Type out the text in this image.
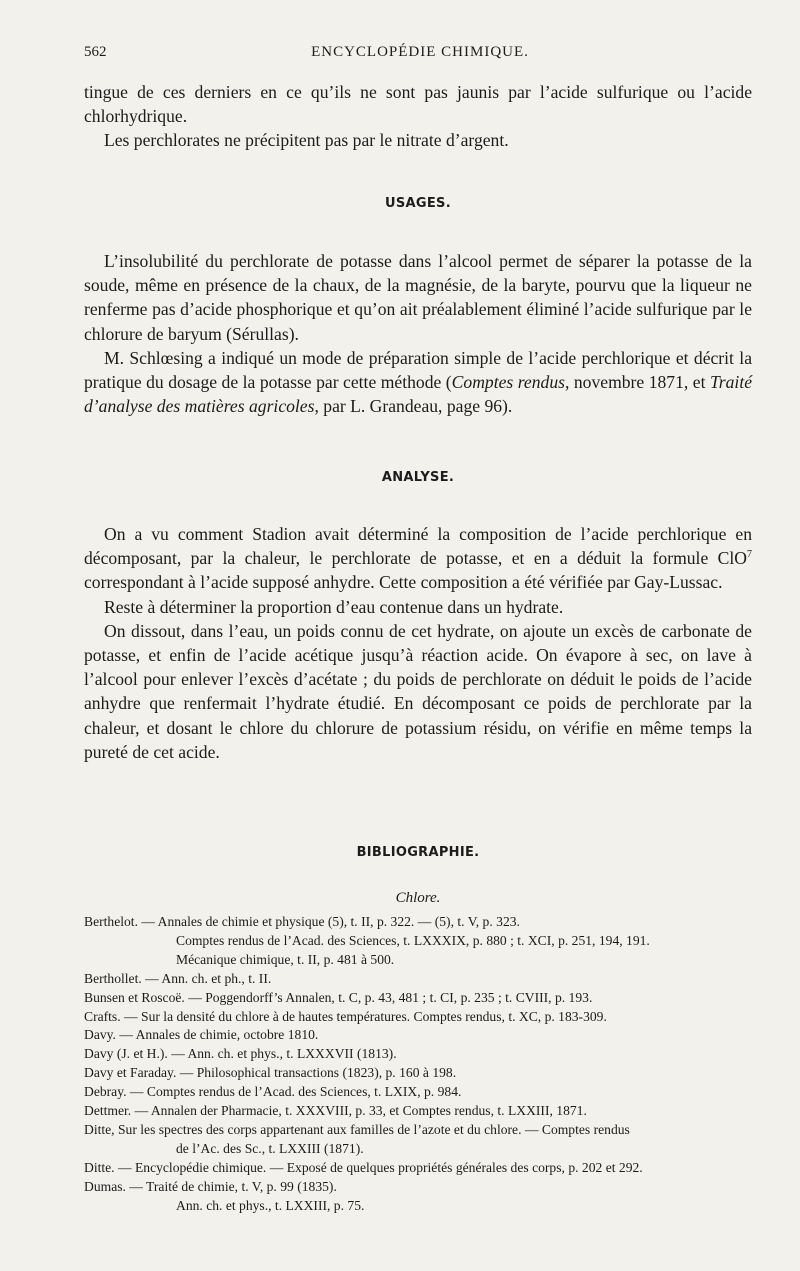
562	ENCYCLOPÉDIE CHIMIQUE.

tingue de ces derniers en ce qu’ils ne sont pas jaunis par l’acide sulfurique ou l’acide chlorhydrique.

Les perchlorates ne précipitent pas par le nitrate d’argent.

USAGES.

L’insolubilité du perchlorate de potasse dans l’alcool permet de séparer la potasse de la soude, même en présence de la chaux, de la magnésie, de la baryte, pourvu que la liqueur ne renferme pas d’acide phosphorique et qu’on ait préalablement éliminé l’acide sulfurique par le chlorure de baryum (Sérullas).

M. Schlœsing a indiqué un mode de préparation simple de l’acide perchlorique et décrit la pratique du dosage de la potasse par cette méthode (Comptes rendus, novembre 1871, et Traité d’analyse des matières agricoles, par L. Grandeau, page 96).

ANALYSE.

On a vu comment Stadion avait déterminé la composition de l’acide perchlorique en décomposant, par la chaleur, le perchlorate de potasse, et en a déduit la formule ClO$^7$ correspondant à l’acide supposé anhydre. Cette composition a été vérifiée par Gay-Lussac.

Reste à déterminer la proportion d’eau contenue dans un hydrate.

On dissout, dans l’eau, un poids connu de cet hydrate, on ajoute un excès de carbonate de potasse, et enfin de l’acide acétique jusqu’à réaction acide. On évapore à sec, on lave à l’alcool pour enlever l’excès d’acétate ; du poids de perchlorate on déduit le poids de l’acide anhydre que renfermait l’hydrate étudié. En décomposant ce poids de perchlorate par la chaleur, et dosant le chlore du chlorure de potassium résidu, on vérifie en même temps la pureté de cet acide.

BIBLIOGRAPHIE.
Chlore.

Berthelot. — Annales de chimie et physique (5), t. II, p. 322. — (5), t. V, p. 323.

Comptes rendus de l’Acad. des Sciences, t. LXXXIX, p. 880 ; t. XCI, p. 251, 194, 191.

Mécanique chimique, t. II, p. 481 à 500.

Berthollet. — Ann. ch. et ph., t. II.

Bunsen et Roscoë. — Poggendorff’s Annalen, t. C, p. 43, 481 ; t. CI, p. 235 ; t. CVIII, p. 193.

Crafts. — Sur la densité du chlore à de hautes températures. Comptes rendus, t. XC, p. 183-309.

Davy. — Annales de chimie, octobre 1810.

Davy (J. et H.). — Ann. ch. et phys., t. LXXXVII (1813).

Davy et Faraday. — Philosophical transactions (1823), p. 160 à 198.

Debray. — Comptes rendus de l’Acad. des Sciences, t. LXIX, p. 984.

Dettmer. — Annalen der Pharmacie, t. XXXVIII, p. 33, et Comptes rendus, t. LXXIII, 1871.

Ditte, Sur les spectres des corps appartenant aux familles de l’azote et du chlore. — Comptes rendus

de l’Ac. des Sc., t. LXXIII (1871).

Ditte. — Encyclopédie chimique. — Exposé de quelques propriétés générales des corps, p. 202 et 292.

Dumas. — Traité de chimie, t. V, p. 99 (1835).

Ann. ch. et phys., t. LXXIII, p. 75.
